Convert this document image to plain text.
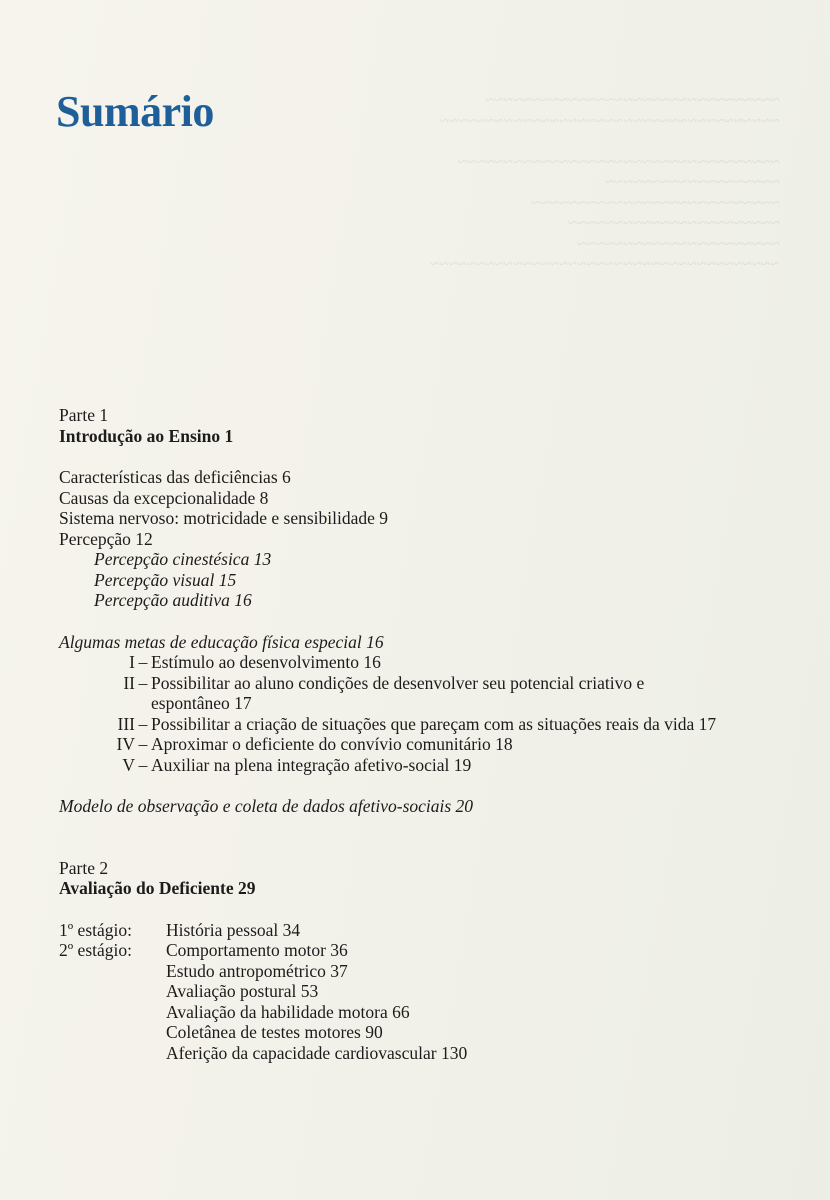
~~~~~~~~~~~~~~~~~~~~~~~~~~~~~~~~
~~~~~~~~~~~~~~~~~~~~~~~~~~~~~~~~~~~~~

~~~~~~~~~~~~~~~~~~~~~~~~~~~~~~~~~~~
~~~~~~~~~~~~~~~~~~~
~~~~~~~~~~~~~~~~~~~~~~~~~~~
~~~~~~~~~~~~~~~~~~~~~~~
~~~~~~~~~~~~~~~~~~~~~~
~~~~~~~~~~~~~~~~~~~~~~~~~~~~~~~~~~~~~~
Sumário
Parte 1
Introdução ao Ensino 1
Características das deficiências 6
Causas da excepcionalidade 8
Sistema nervoso: motricidade e sensibilidade 9
Percepção 12
Percepção cinestésica 13
Percepção visual 15
Percepção auditiva 16
Algumas metas de educação física especial 16
I – Estímulo ao desenvolvimento 16
II – Possibilitar ao aluno condições de desenvolver seu potencial criativo e
espontâneo 17
III – Possibilitar a criação de situações que pareçam com as situações reais da vida 17
IV – Aproximar o deficiente do convívio comunitário 18
V – Auxiliar na plena integração afetivo-social 19
Modelo de observação e coleta de dados afetivo-sociais 20
Parte 2
Avaliação do Deficiente 29
1º estágio:	História pessoal 34
2º estágio:	Comportamento motor 36
Estudo antropométrico 37
Avaliação postural 53
Avaliação da habilidade motora 66
Coletânea de testes motores 90
Aferição da capacidade cardiovascular 130
